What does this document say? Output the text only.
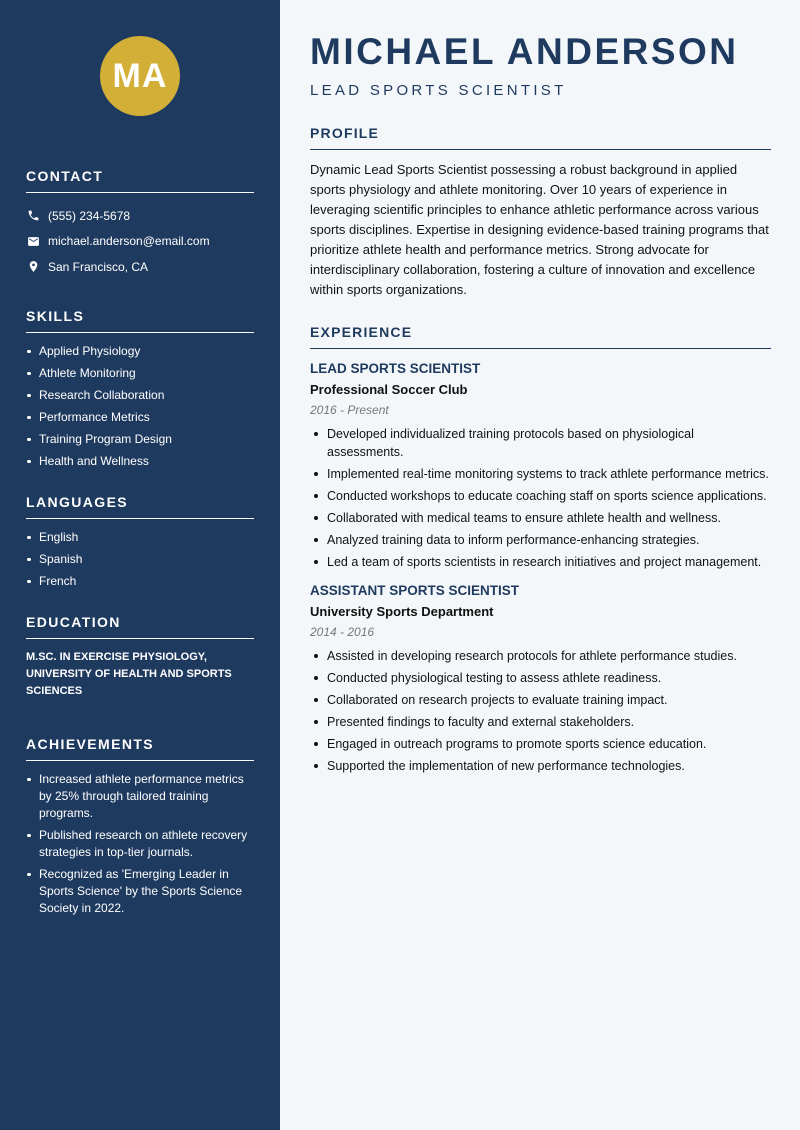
MA
CONTACT
(555) 234-5678
michael.anderson@email.com
San Francisco, CA
SKILLS
Applied Physiology
Athlete Monitoring
Research Collaboration
Performance Metrics
Training Program Design
Health and Wellness
LANGUAGES
English
Spanish
French
EDUCATION
M.SC. IN EXERCISE PHYSIOLOGY, UNIVERSITY OF HEALTH AND SPORTS SCIENCES
ACHIEVEMENTS
Increased athlete performance metrics by 25% through tailored training programs.
Published research on athlete recovery strategies in top-tier journals.
Recognized as 'Emerging Leader in Sports Science' by the Sports Science Society in 2022.
MICHAEL ANDERSON
LEAD SPORTS SCIENTIST
PROFILE
Dynamic Lead Sports Scientist possessing a robust background in applied sports physiology and athlete monitoring. Over 10 years of experience in leveraging scientific principles to enhance athletic performance across various sports disciplines. Expertise in designing evidence-based training programs that prioritize athlete health and performance metrics. Strong advocate for interdisciplinary collaboration, fostering a culture of innovation and excellence within sports organizations.
EXPERIENCE
LEAD SPORTS SCIENTIST
Professional Soccer Club
2016 - Present
Developed individualized training protocols based on physiological assessments.
Implemented real-time monitoring systems to track athlete performance metrics.
Conducted workshops to educate coaching staff on sports science applications.
Collaborated with medical teams to ensure athlete health and wellness.
Analyzed training data to inform performance-enhancing strategies.
Led a team of sports scientists in research initiatives and project management.
ASSISTANT SPORTS SCIENTIST
University Sports Department
2014 - 2016
Assisted in developing research protocols for athlete performance studies.
Conducted physiological testing to assess athlete readiness.
Collaborated on research projects to evaluate training impact.
Presented findings to faculty and external stakeholders.
Engaged in outreach programs to promote sports science education.
Supported the implementation of new performance technologies.
